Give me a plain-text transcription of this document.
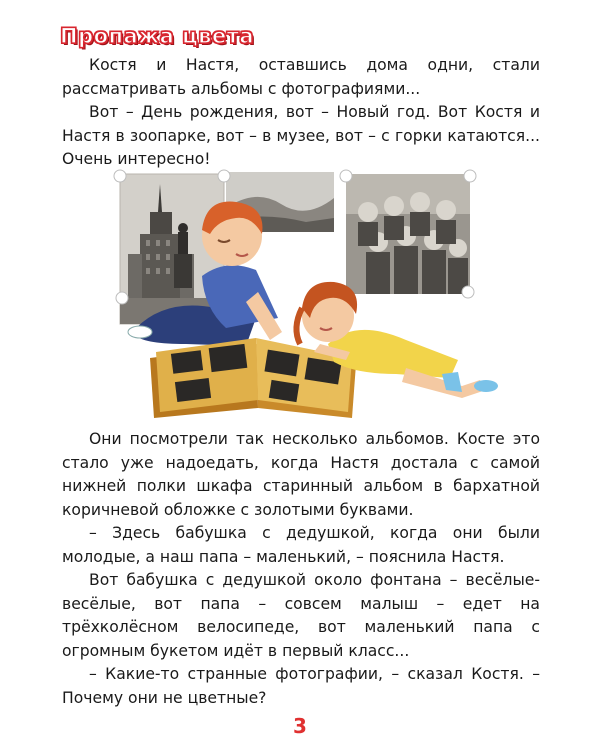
Пропажа цвета

Костя и Настя, оставшись дома одни, стали рассматривать альбомы с фотографиями...

Вот – День рождения, вот – Новый год. Вот Костя и Настя в зоопарке, вот – в музее, вот – с горки катаются... Очень интересно!

Они посмотрели так несколько альбомов. Косте это стало уже надоедать, когда Настя достала с самой нижней полки шкафа старинный альбом в бархатной коричневой обложке с золотыми буквами.

– Здесь бабушка с дедушкой, когда они были молодые, а наш папа – маленький, – пояснила Настя.

Вот бабушка с дедушкой около фонтана – весёлые-весёлые, вот папа – совсем малыш – едет на трёхколёсном велосипеде, вот маленький папа с огромным букетом идёт в первый класс...

– Какие-то странные фотографии, – сказал Костя. – Почему они не цветные?

3
